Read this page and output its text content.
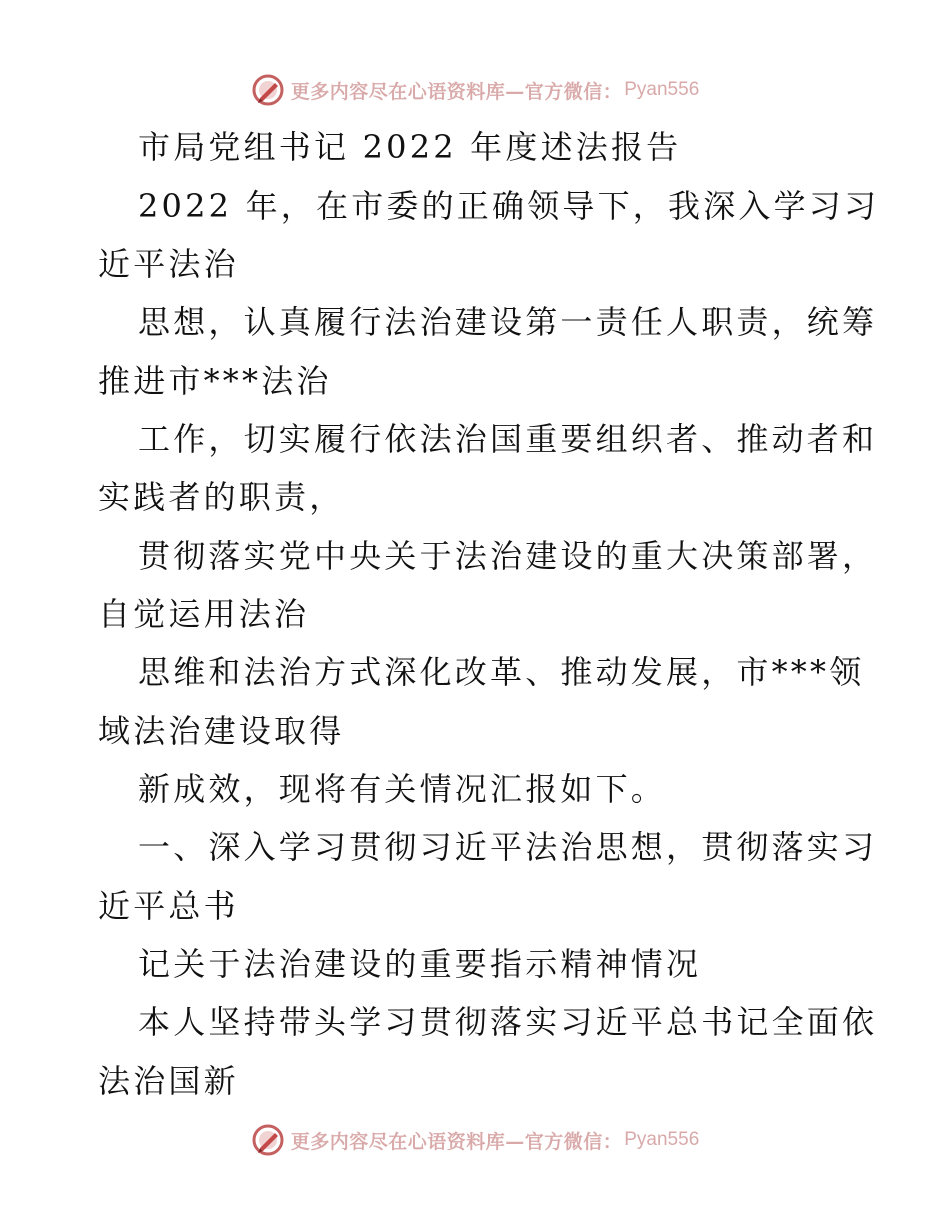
更多内容尽在心语资料库—官方微信： Pyan556
市局党组书记 2022 年度述法报告
2022 年，在市委的正确领导下，我深入学习习
近平法治
思想，认真履行法治建设第一责任人职责，统筹
推进市***法治
工作，切实履行依法治国重要组织者、推动者和
实践者的职责，
贯彻落实党中央关于法治建设的重大决策部署，
自觉运用法治
思维和法治方式深化改革、推动发展，市***领
域法治建设取得
新成效，现将有关情况汇报如下。
一、深入学习贯彻习近平法治思想，贯彻落实习
近平总书
记关于法治建设的重要指示精神情况
本人坚持带头学习贯彻落实习近平总书记全面依
法治国新
更多内容尽在心语资料库—官方微信： Pyan556
